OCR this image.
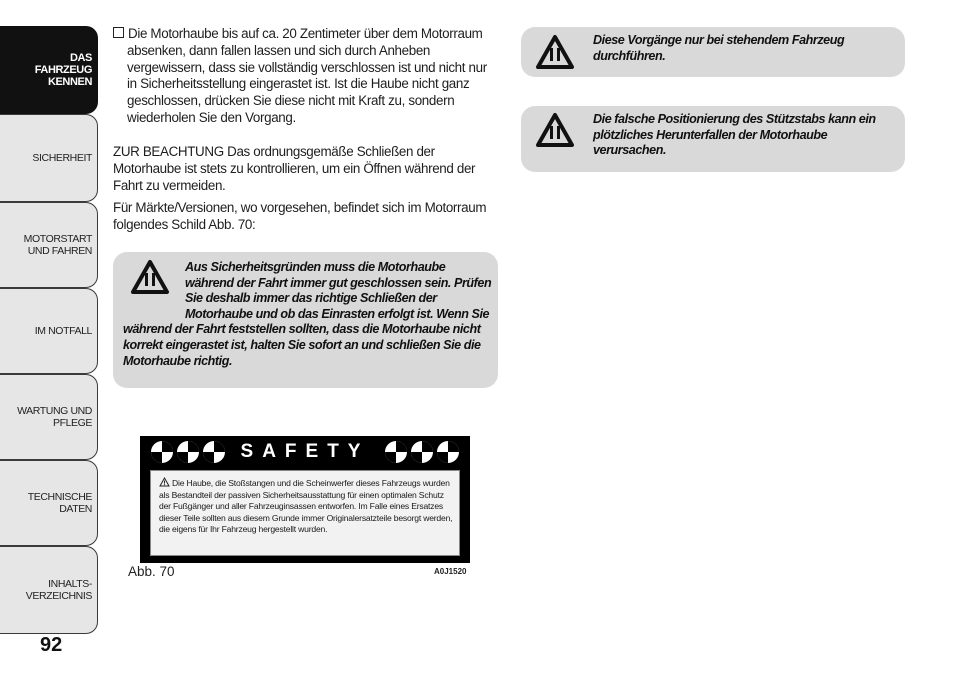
DAS FAHRZEUG KENNEN
SICHERHEIT
MOTORSTART UND FAHREN
IM NOTFALL
WARTUNG UND PFLEGE
TECHNISCHE DATEN
INHALTS- VERZEICHNIS
92
Die Motorhaube bis auf ca. 20 Zentimeter über dem Motorraum absenken, dann fallen lassen und sich durch Anheben vergewissern, dass sie vollständig verschlossen ist und nicht nur in Sicherheitsstellung eingerastet ist. Ist die Haube nicht ganz geschlossen, drücken Sie diese nicht mit Kraft zu, sondern wiederholen Sie den Vorgang.
ZUR BEACHTUNG Das ordnungsgemäße Schließen der Motorhaube ist stets zu kontrollieren, um ein Öffnen während der Fahrt zu vermeiden.
Für Märkte/Versionen, wo vorgesehen, befindet sich im Motorraum folgendes Schild Abb. 70:
Aus Sicherheitsgründen muss die Motorhaube während der Fahrt immer gut geschlossen sein. Prüfen Sie deshalb immer das richtige Schließen der Motorhaube und ob das Einrasten erfolgt ist. Wenn Sie während der Fahrt feststellen sollten, dass die Motorhaube nicht korrekt eingerastet ist, halten Sie sofort an und schließen Sie die Motorhaube richtig.
Diese Vorgänge nur bei stehendem Fahrzeug durchführen.
Die falsche Positionierung des Stützstabs kann ein plötzliches Herunterfallen der Motorhaube verursachen.
SAFETY
Die Haube, die Stoßstangen und die Scheinwerfer dieses Fahrzeugs wurden als Bestandteil der passiven Sicherheitsausstattung für einen optimalen Schutz der Fußgänger und aller Fahrzeuginsassen entworfen. Im Falle eines Ersatzes dieser Teile sollten aus diesem Grunde immer Originalersatzteile besorgt werden, die eigens für Ihr Fahrzeug hergestellt wurden.
Abb. 70	A0J1520
